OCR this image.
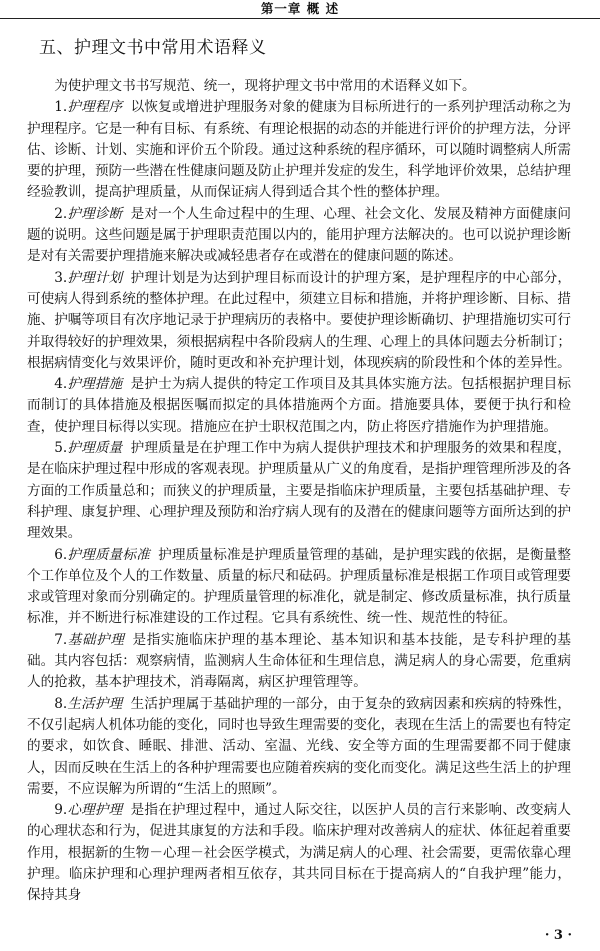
第一章 概 述
五、护理文书中常用术语释义

为使护理文书书写规范、统一，现将护理文书中常用的术语释义如下。

1.护理程序 以恢复或增进护理服务对象的健康为目标所进行的一系列护理活动称之为护理程序。它是一种有目标、有系统、有理论根据的动态的并能进行评价的护理方法，分评估、诊断、计划、实施和评价五个阶段。通过这种系统的程序循环，可以随时调整病人所需要的护理，预防一些潜在性健康问题及防止护理并发症的发生，科学地评价效果，总结护理经验教训，提高护理质量，从而保证病人得到适合其个性的整体护理。

2.护理诊断 是对一个人生命过程中的生理、心理、社会文化、发展及精神方面健康问题的说明。这些问题是属于护理职责范围以内的，能用护理方法解决的。也可以说护理诊断是对有关需要护理措施来解决或减轻患者存在或潜在的健康问题的陈述。

3.护理计划 护理计划是为达到护理目标而设计的护理方案，是护理程序的中心部分，可使病人得到系统的整体护理。在此过程中，须建立目标和措施，并将护理诊断、目标、措施、护嘱等项目有次序地记录于护理病历的表格中。要使护理诊断确切、护理措施切实可行并取得较好的护理效果，须根据病程中各阶段病人的生理、心理上的具体问题去分析制订；根据病情变化与效果评价，随时更改和补充护理计划，体现疾病的阶段性和个体的差异性。

4.护理措施 是护士为病人提供的特定工作项目及其具体实施方法。包括根据护理目标而制订的具体措施及根据医嘱而拟定的具体措施两个方面。措施要具体，要便于执行和检查，使护理目标得以实现。措施应在护士职权范围之内，防止将医疗措施作为护理措施。

5.护理质量 护理质量是在护理工作中为病人提供护理技术和护理服务的效果和程度，是在临床护理过程中形成的客观表现。护理质量从广义的角度看，是指护理管理所涉及的各方面的工作质量总和；而狭义的护理质量，主要是指临床护理质量，主要包括基础护理、专科护理、康复护理、心理护理及预防和治疗病人现有的及潜在的健康问题等方面所达到的护理效果。

6.护理质量标准 护理质量标准是护理质量管理的基础，是护理实践的依据，是衡量整个工作单位及个人的工作数量、质量的标尺和砝码。护理质量标准是根据工作项目或管理要求或管理对象而分别确定的。护理质量管理的标准化，就是制定、修改质量标准，执行质量标准，并不断进行标准建设的工作过程。它具有系统性、统一性、规范性的特征。

7.基础护理 是指实施临床护理的基本理论、基本知识和基本技能，是专科护理的基础。其内容包括：观察病情，监测病人生命体征和生理信息，满足病人的身心需要，危重病人的抢救，基本护理技术，消毒隔离，病区护理管理等。

8.生活护理 生活护理属于基础护理的一部分，由于复杂的致病因素和疾病的特殊性，不仅引起病人机体功能的变化，同时也导致生理需要的变化，表现在生活上的需要也有特定的要求，如饮食、睡眠、排泄、活动、室温、光线、安全等方面的生理需要都不同于健康人，因而反映在生活上的各种护理需要也应随着疾病的变化而变化。满足这些生活上的护理需要，不应误解为所谓的“生活上的照顾”。

9.心理护理 是指在护理过程中，通过人际交往，以医护人员的言行来影响、改变病人的心理状态和行为，促进其康复的方法和手段。临床护理对改善病人的症状、体征起着重要作用，根据新的生物－心理－社会医学模式，为满足病人的心理、社会需要，更需依靠心理护理。临床护理和心理护理两者相互依存，其共同目标在于提高病人的“自我护理”能力，保持其身

· 3 ·
